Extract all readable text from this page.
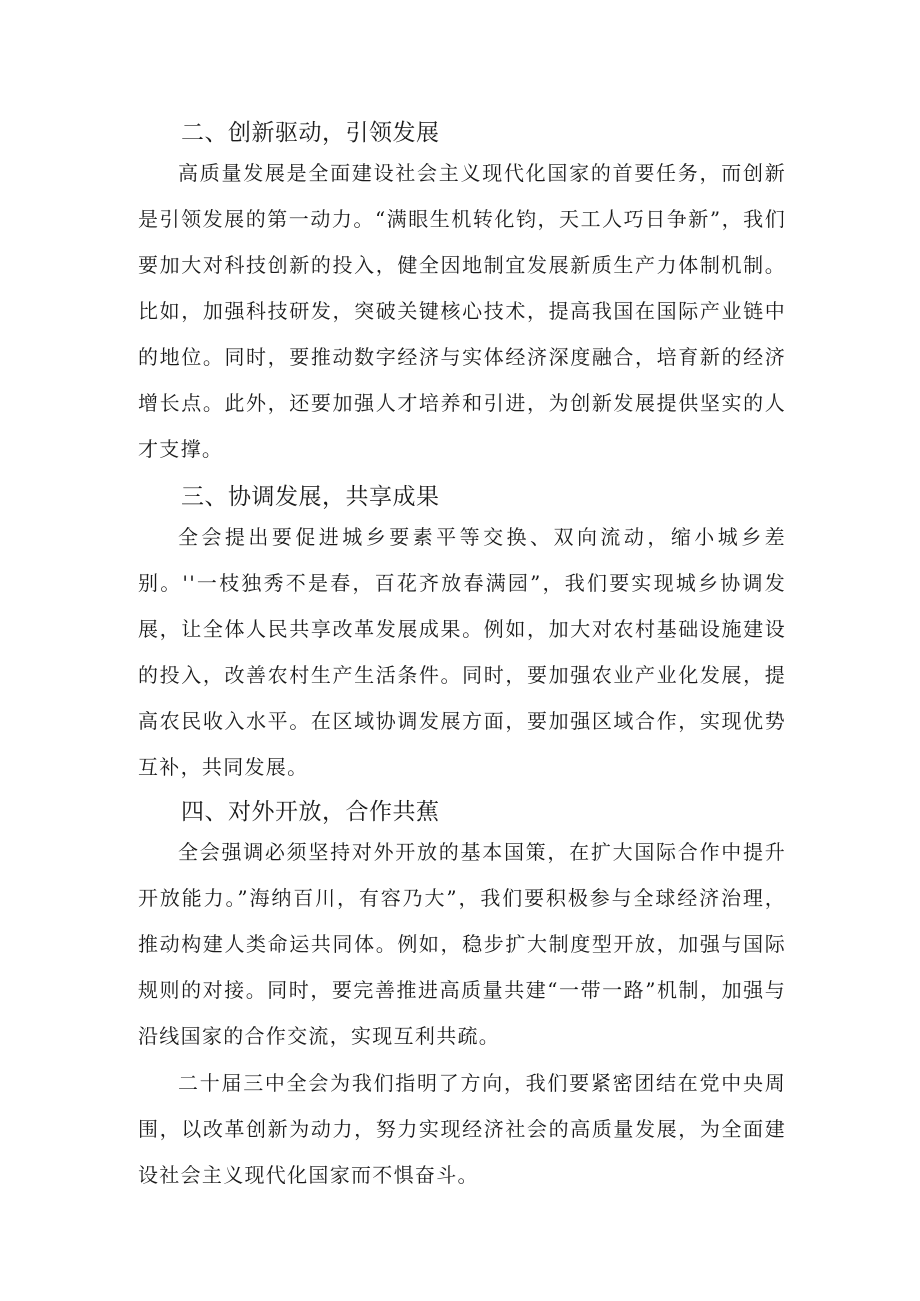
二、创新驱动，引领发展
高质量发展是全面建设社会主义现代化国家的首要任务，而创新是引领发展的第一动力。“满眼生机转化钧，天工人巧日争新”，我们要加大对科技创新的投入，健全因地制宜发展新质生产力体制机制。比如，加强科技研发，突破关键核心技术，提高我国在国际产业链中的地位。同时，要推动数字经济与实体经济深度融合，培育新的经济增长点。此外，还要加强人才培养和引进，为创新发展提供坚实的人才支撑。
三、协调发展，共享成果
全会提出要促进城乡要素平等交换、双向流动，缩小城乡差别。''一枝独秀不是春，百花齐放春满园”，我们要实现城乡协调发展，让全体人民共享改革发展成果。例如，加大对农村基础设施建设的投入，改善农村生产生活条件。同时，要加强农业产业化发展，提高农民收入水平。在区域协调发展方面，要加强区域合作，实现优势互补，共同发展。
四、对外开放，合作共蕉
全会强调必须坚持对外开放的基本国策，在扩大国际合作中提升开放能力。”海纳百川，有容乃大”，我们要积极参与全球经济治理，推动构建人类命运共同体。例如，稳步扩大制度型开放，加强与国际规则的对接。同时，要完善推进高质量共建“一带一路”机制，加强与沿线国家的合作交流，实现互利共疏。
二十届三中全会为我们指明了方向，我们要紧密团结在党中央周围，以改革创新为动力，努力实现经济社会的高质量发展，为全面建设社会主义现代化国家而不惧奋斗。
